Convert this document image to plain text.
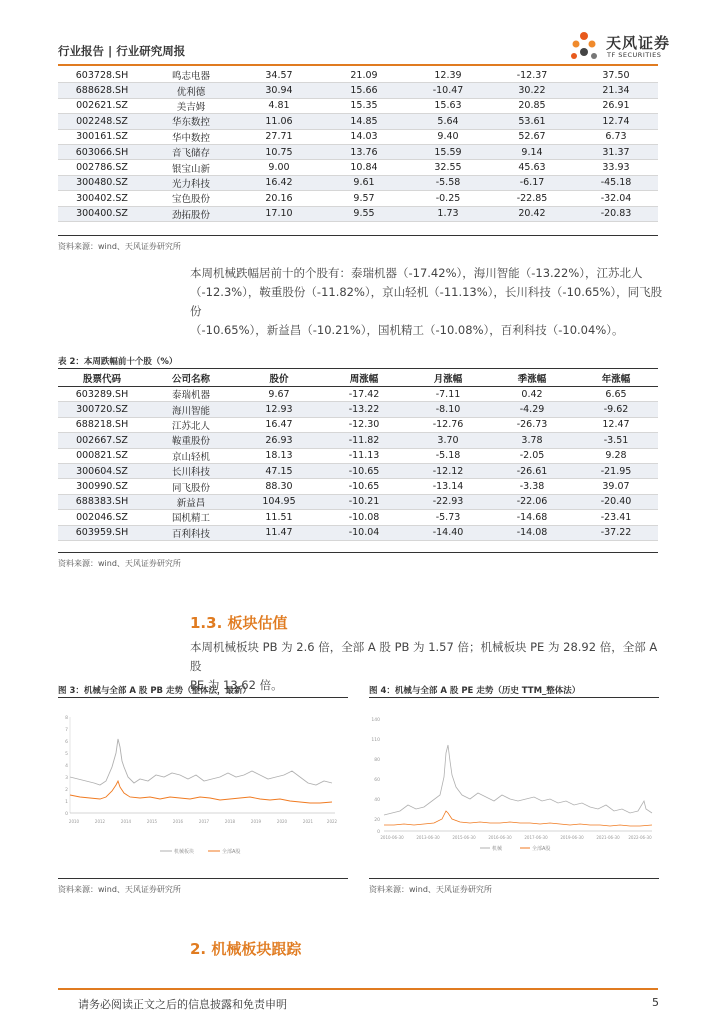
行业报告 | 行业研究周报	天风证券
TF SECURITIES
603728.SH	鸣志电器	34.57	21.09	12.39	-12.37	37.50
688628.SH	优利德	30.94	15.66	-10.47	30.22	21.34
002621.SZ	美吉姆	4.81	15.35	15.63	20.85	26.91
002248.SZ	华东数控	11.06	14.85	5.64	53.61	12.74
300161.SZ	华中数控	27.71	14.03	9.40	52.67	6.73
603066.SH	音飞储存	10.75	13.76	15.59	9.14	31.37
002786.SZ	银宝山新	9.00	10.84	32.55	45.63	33.93
300480.SZ	光力科技	16.42	9.61	-5.58	-6.17	-45.18
300402.SZ	宝色股份	20.16	9.57	-0.25	-22.85	-32.04
300400.SZ	劲拓股份	17.10	9.55	1.73	20.42	-20.83
资料来源：wind、天风证券研究所
本周机械跌幅居前十的个股有：泰瑞机器（-17.42%），海川智能（-13.22%），江苏北人
（-12.3%），鞍重股份（-11.82%），京山轻机（-11.13%），长川科技（-10.65%），同飞股份
（-10.65%），新益昌（-10.21%），国机精工（-10.08%），百利科技（-10.04%）。
表 2：本周跌幅前十个股（%）
股票代码	公司名称	股价	周涨幅	月涨幅	季涨幅	年涨幅
603289.SH	泰瑞机器	9.67	-17.42	-7.11	0.42	6.65
300720.SZ	海川智能	12.93	-13.22	-8.10	-4.29	-9.62
688218.SH	江苏北人	16.47	-12.30	-12.76	-26.73	12.47
002667.SZ	鞍重股份	26.93	-11.82	3.70	3.78	-3.51
000821.SZ	京山轻机	18.13	-11.13	-5.18	-2.05	9.28
300604.SZ	长川科技	47.15	-10.65	-12.12	-26.61	-21.95
300990.SZ	同飞股份	88.30	-10.65	-13.14	-3.38	39.07
688383.SH	新益昌	104.95	-10.21	-22.93	-22.06	-20.40
002046.SZ	国机精工	11.51	-10.08	-5.73	-14.68	-23.41
603959.SH	百利科技	11.47	-10.04	-14.40	-14.08	-37.22
资料来源：wind、天风证券研究所
1.3. 板块估值
本周机械板块 PB 为 2.6 倍，全部 A 股 PB 为 1.57 倍；机械板块 PE 为 28.92 倍，全部 A 股
PE 为 13.62 倍。
图 3：机械与全部 A 股 PB 走势（整体法，最新）
8
7
6
5
4
3
2
1
0
2010	2012	2014	2015	2016	2017	2018	2019	2020	2021	2022
机械板块	全部A股
资料来源：wind、天风证券研究所
图 4：机械与全部 A 股 PE 走势（历史 TTM_整体法）
140
110
80
60
40
20
0
2010-06-30	2013-06-30	2015-06-30	2016-06-30	2017-06-30	2019-06-30	2021-06-30 2022-06-30
机械	全部A股
资料来源：wind、天风证券研究所
2. 机械板块跟踪
请务必阅读正文之后的信息披露和免责申明	5
